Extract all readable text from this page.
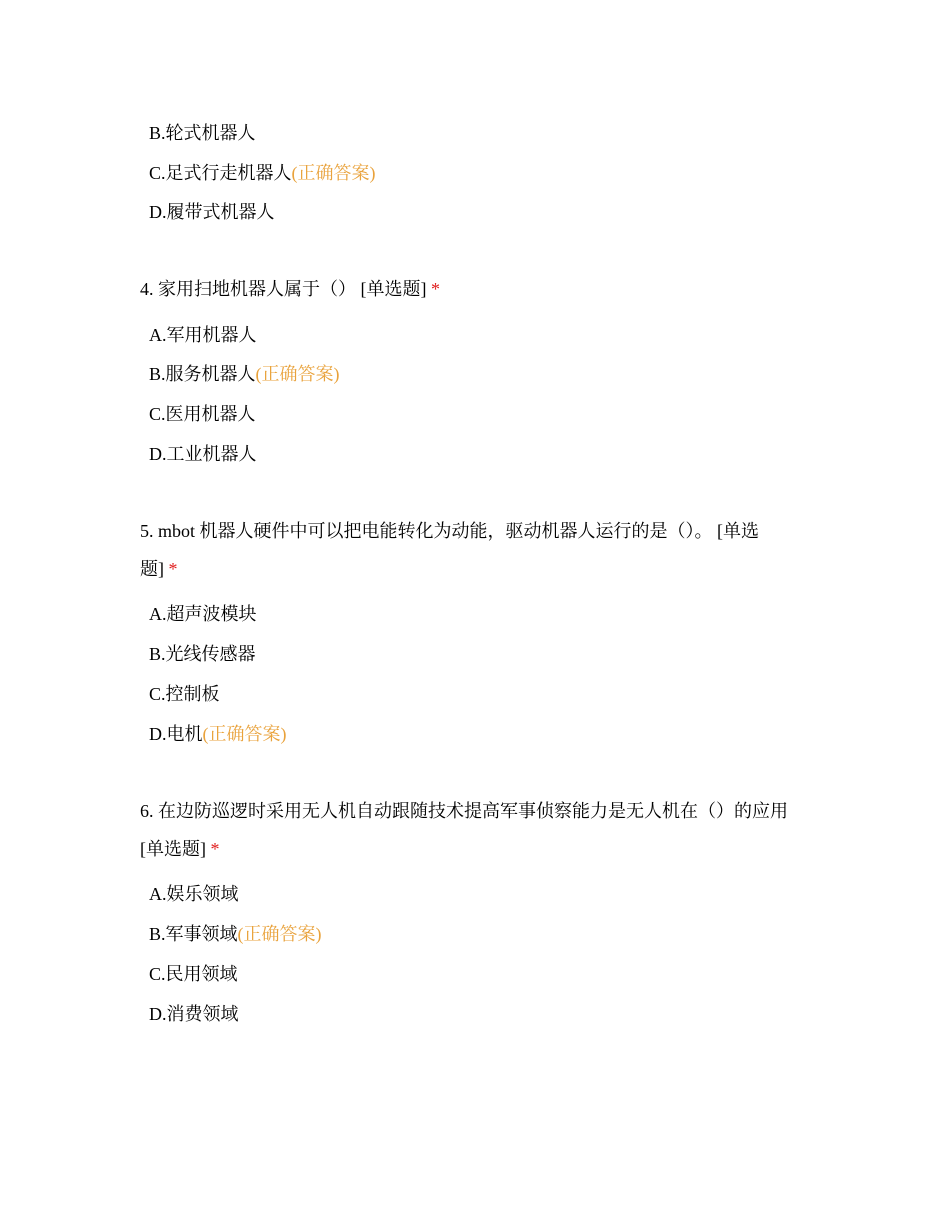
B.轮式机器人
C.足式行走机器人(正确答案)
D.履带式机器人
4. 家用扫地机器人属于（） [单选题] *
A.军用机器人
B.服务机器人(正确答案)
C.医用机器人
D.工业机器人
5. mbot 机器人硬件中可以把电能转化为动能，驱动机器人运行的是（）。 [单选
题] *
A.超声波模块
B.光线传感器
C.控制板
D.电机(正确答案)
6. 在边防巡逻时采用无人机自动跟随技术提高军事侦察能力是无人机在（）的应用
[单选题] *
A.娱乐领域
B.军事领域(正确答案)
C.民用领域
D.消费领域
